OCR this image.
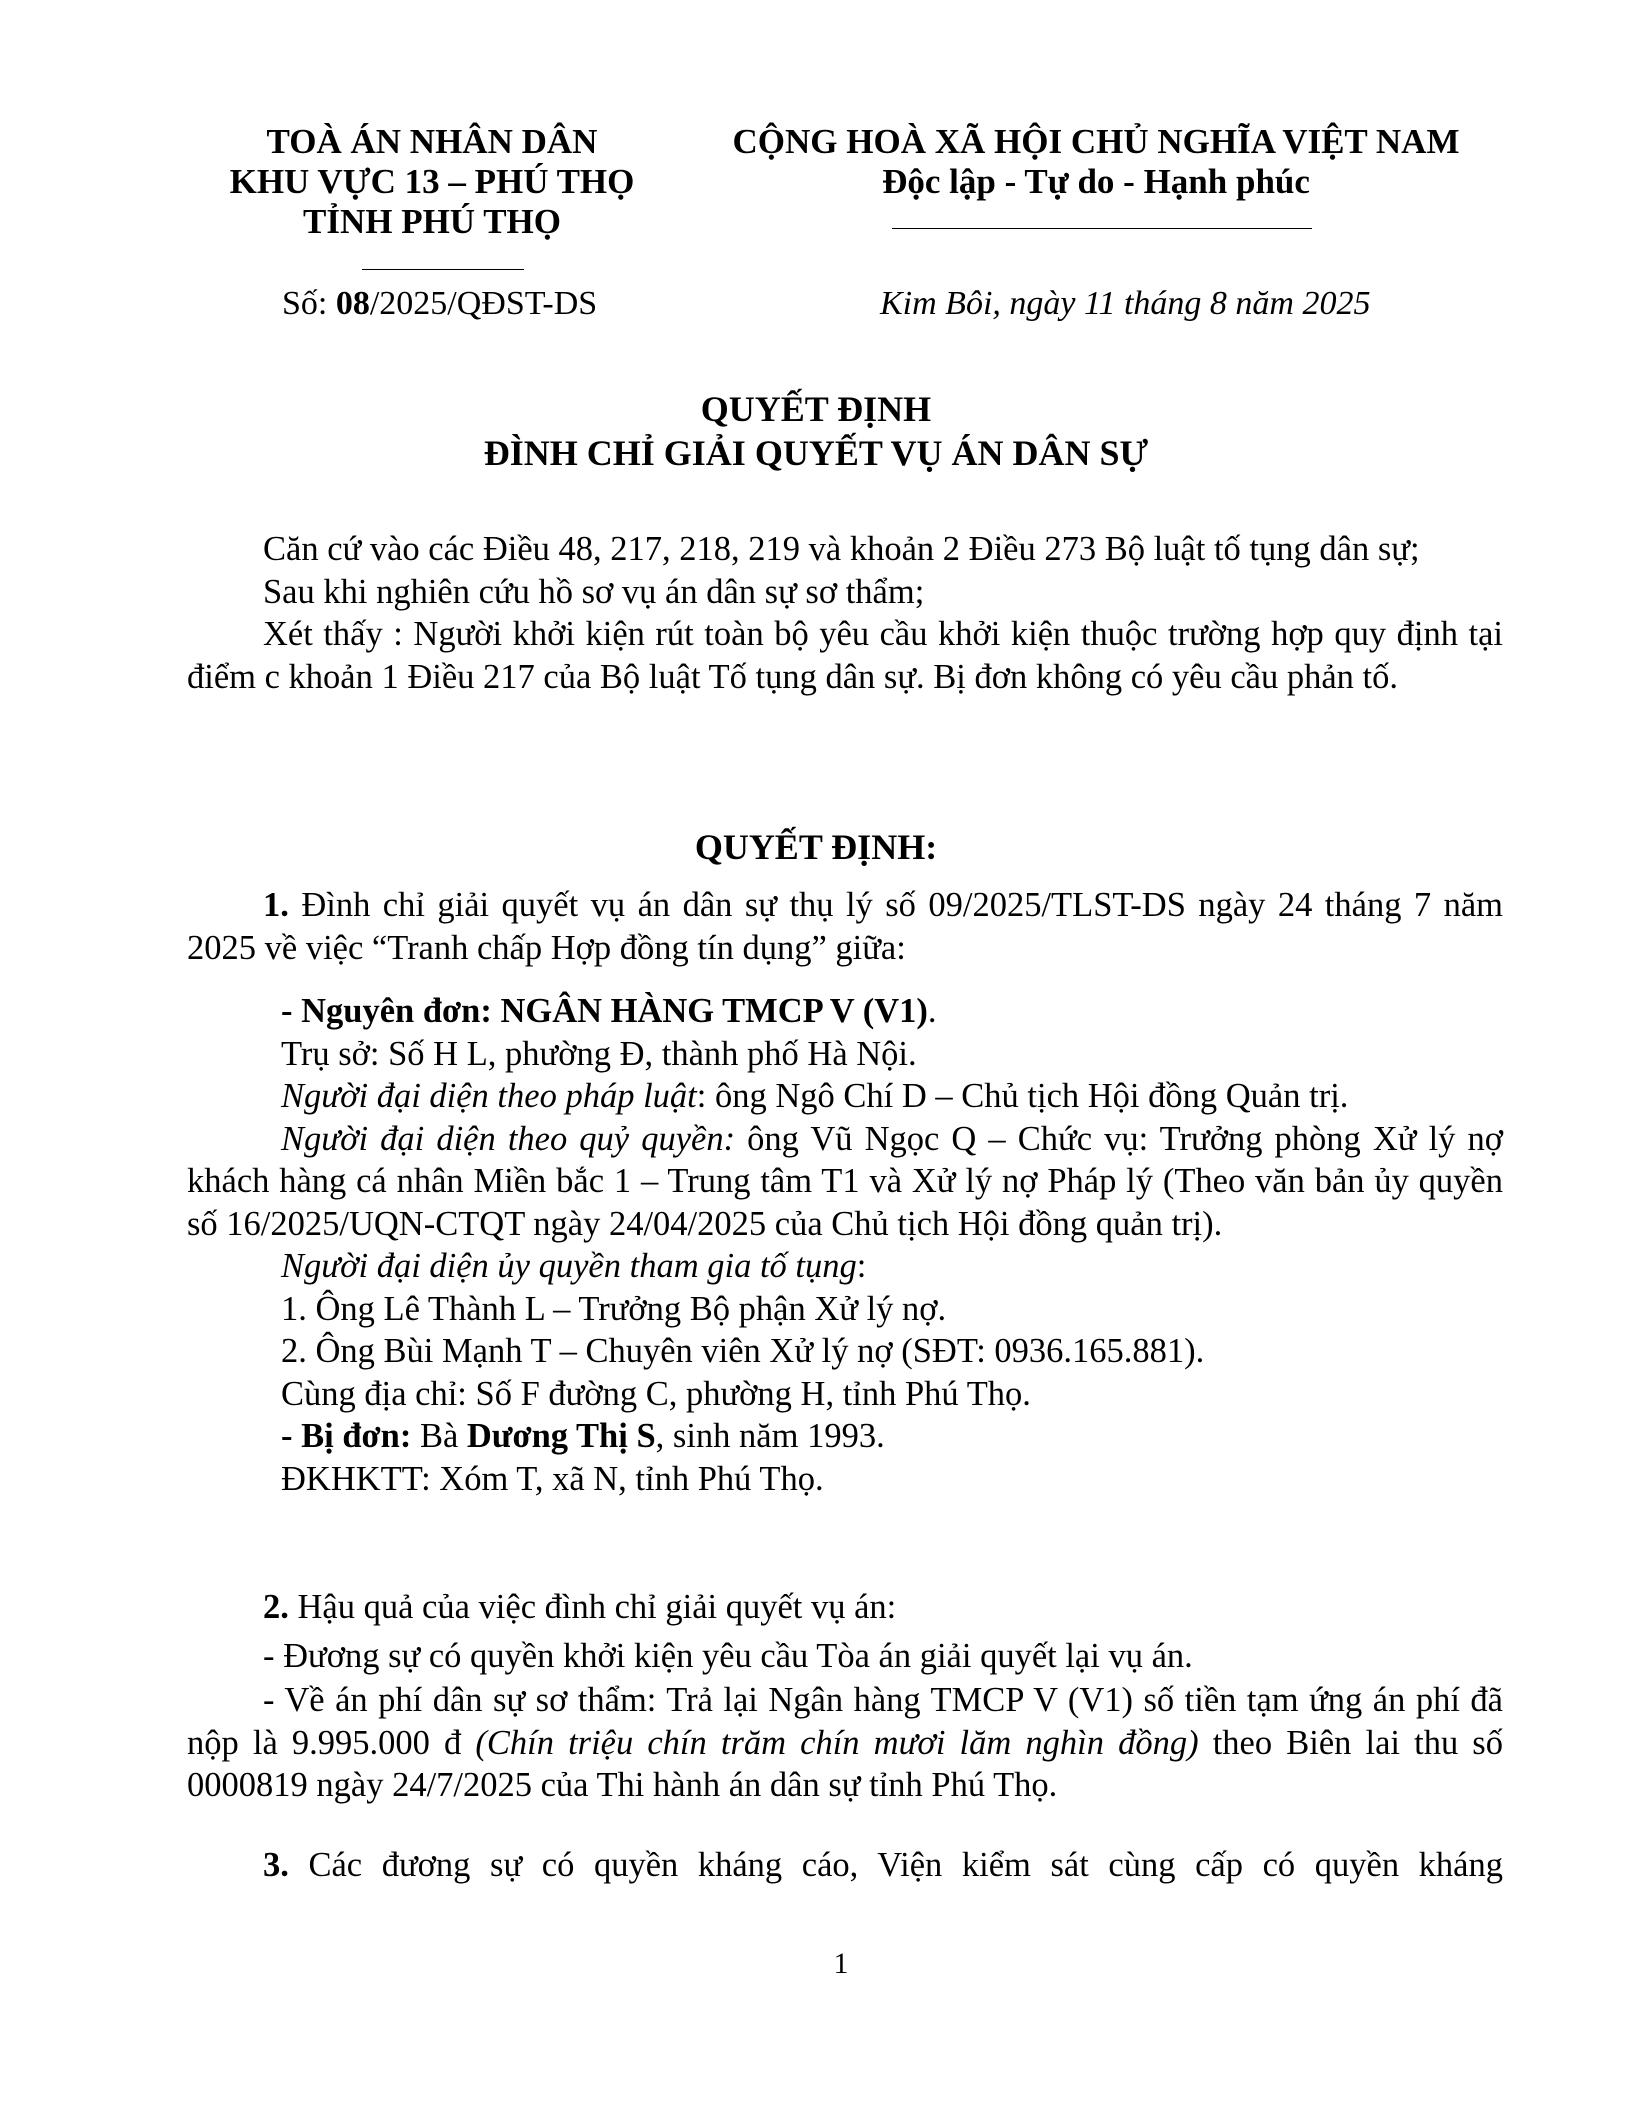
TOÀ ÁN NHÂN DÂN
KHU VỰC 13 – PHÚ THỌ
TỈNH PHÚ THỌ
Số: 08/2025/QĐST-DS
CỘNG HOÀ XÃ HỘI CHỦ NGHĨA VIỆT NAM
Độc lập - Tự do - Hạnh phúc
Kim Bôi, ngày 11 tháng 8 năm 2025
QUYẾT ĐỊNH
ĐÌNH CHỈ GIẢI QUYẾT VỤ ÁN DÂN SỰ

Căn cứ vào các Điều 48, 217, 218, 219 và khoản 2 Điều 273 Bộ luật tố tụng dân sự;

Sau khi nghiên cứu hồ sơ vụ án dân sự sơ thẩm;

Xét thấy : Người khởi kiện rút toàn bộ yêu cầu khởi kiện thuộc trường hợp quy định tại điểm c khoản 1 Điều 217 của Bộ luật Tố tụng dân sự. Bị đơn không có yêu cầu phản tố.

QUYẾT ĐỊNH:

1. Đình chỉ giải quyết vụ án dân sự thụ lý số 09/2025/TLST-DS ngày 24 tháng 7 năm 2025 về việc “Tranh chấp Hợp đồng tín dụng” giữa:

- Nguyên đơn: NGÂN HÀNG TMCP V (V1).

Trụ sở: Số H L, phường Đ, thành phố Hà Nội.

Người đại diện theo pháp luật: ông Ngô Chí D – Chủ tịch Hội đồng Quản trị.

Người đại diện theo quỷ quyền: ông Vũ Ngọc Q – Chức vụ: Trưởng phòng Xử lý nợ khách hàng cá nhân Miền bắc 1 – Trung tâm T1 và Xử lý nợ Pháp lý (Theo văn bản ủy quyền số 16/2025/UQN-CTQT ngày 24/04/2025 của Chủ tịch Hội đồng quản trị).

Người đại diện ủy quyền tham gia tố tụng:

1. Ông Lê Thành L – Trưởng Bộ phận Xử lý nợ.

2. Ông Bùi Mạnh T – Chuyên viên Xử lý nợ (SĐT: 0936.165.881).

Cùng địa chỉ: Số F đường C, phường H, tỉnh Phú Thọ.

- Bị đơn: Bà Dương Thị S, sinh năm 1993.

ĐKHKTT: Xóm T, xã N, tỉnh Phú Thọ.

2. Hậu quả của việc đình chỉ giải quyết vụ án:

- Đương sự có quyền khởi kiện yêu cầu Tòa án giải quyết lại vụ án.

- Về án phí dân sự sơ thẩm: Trả lại Ngân hàng TMCP V (V1) số tiền tạm ứng án phí đã nộp là 9.995.000 đ (Chín triệu chín trăm chín mươi lăm nghìn đồng) theo Biên lai thu số 0000819 ngày 24/7/2025 của Thi hành án dân sự tỉnh Phú Thọ.

3. Các đương sự có quyền kháng cáo, Viện kiểm sát cùng cấp có quyền kháng

1
